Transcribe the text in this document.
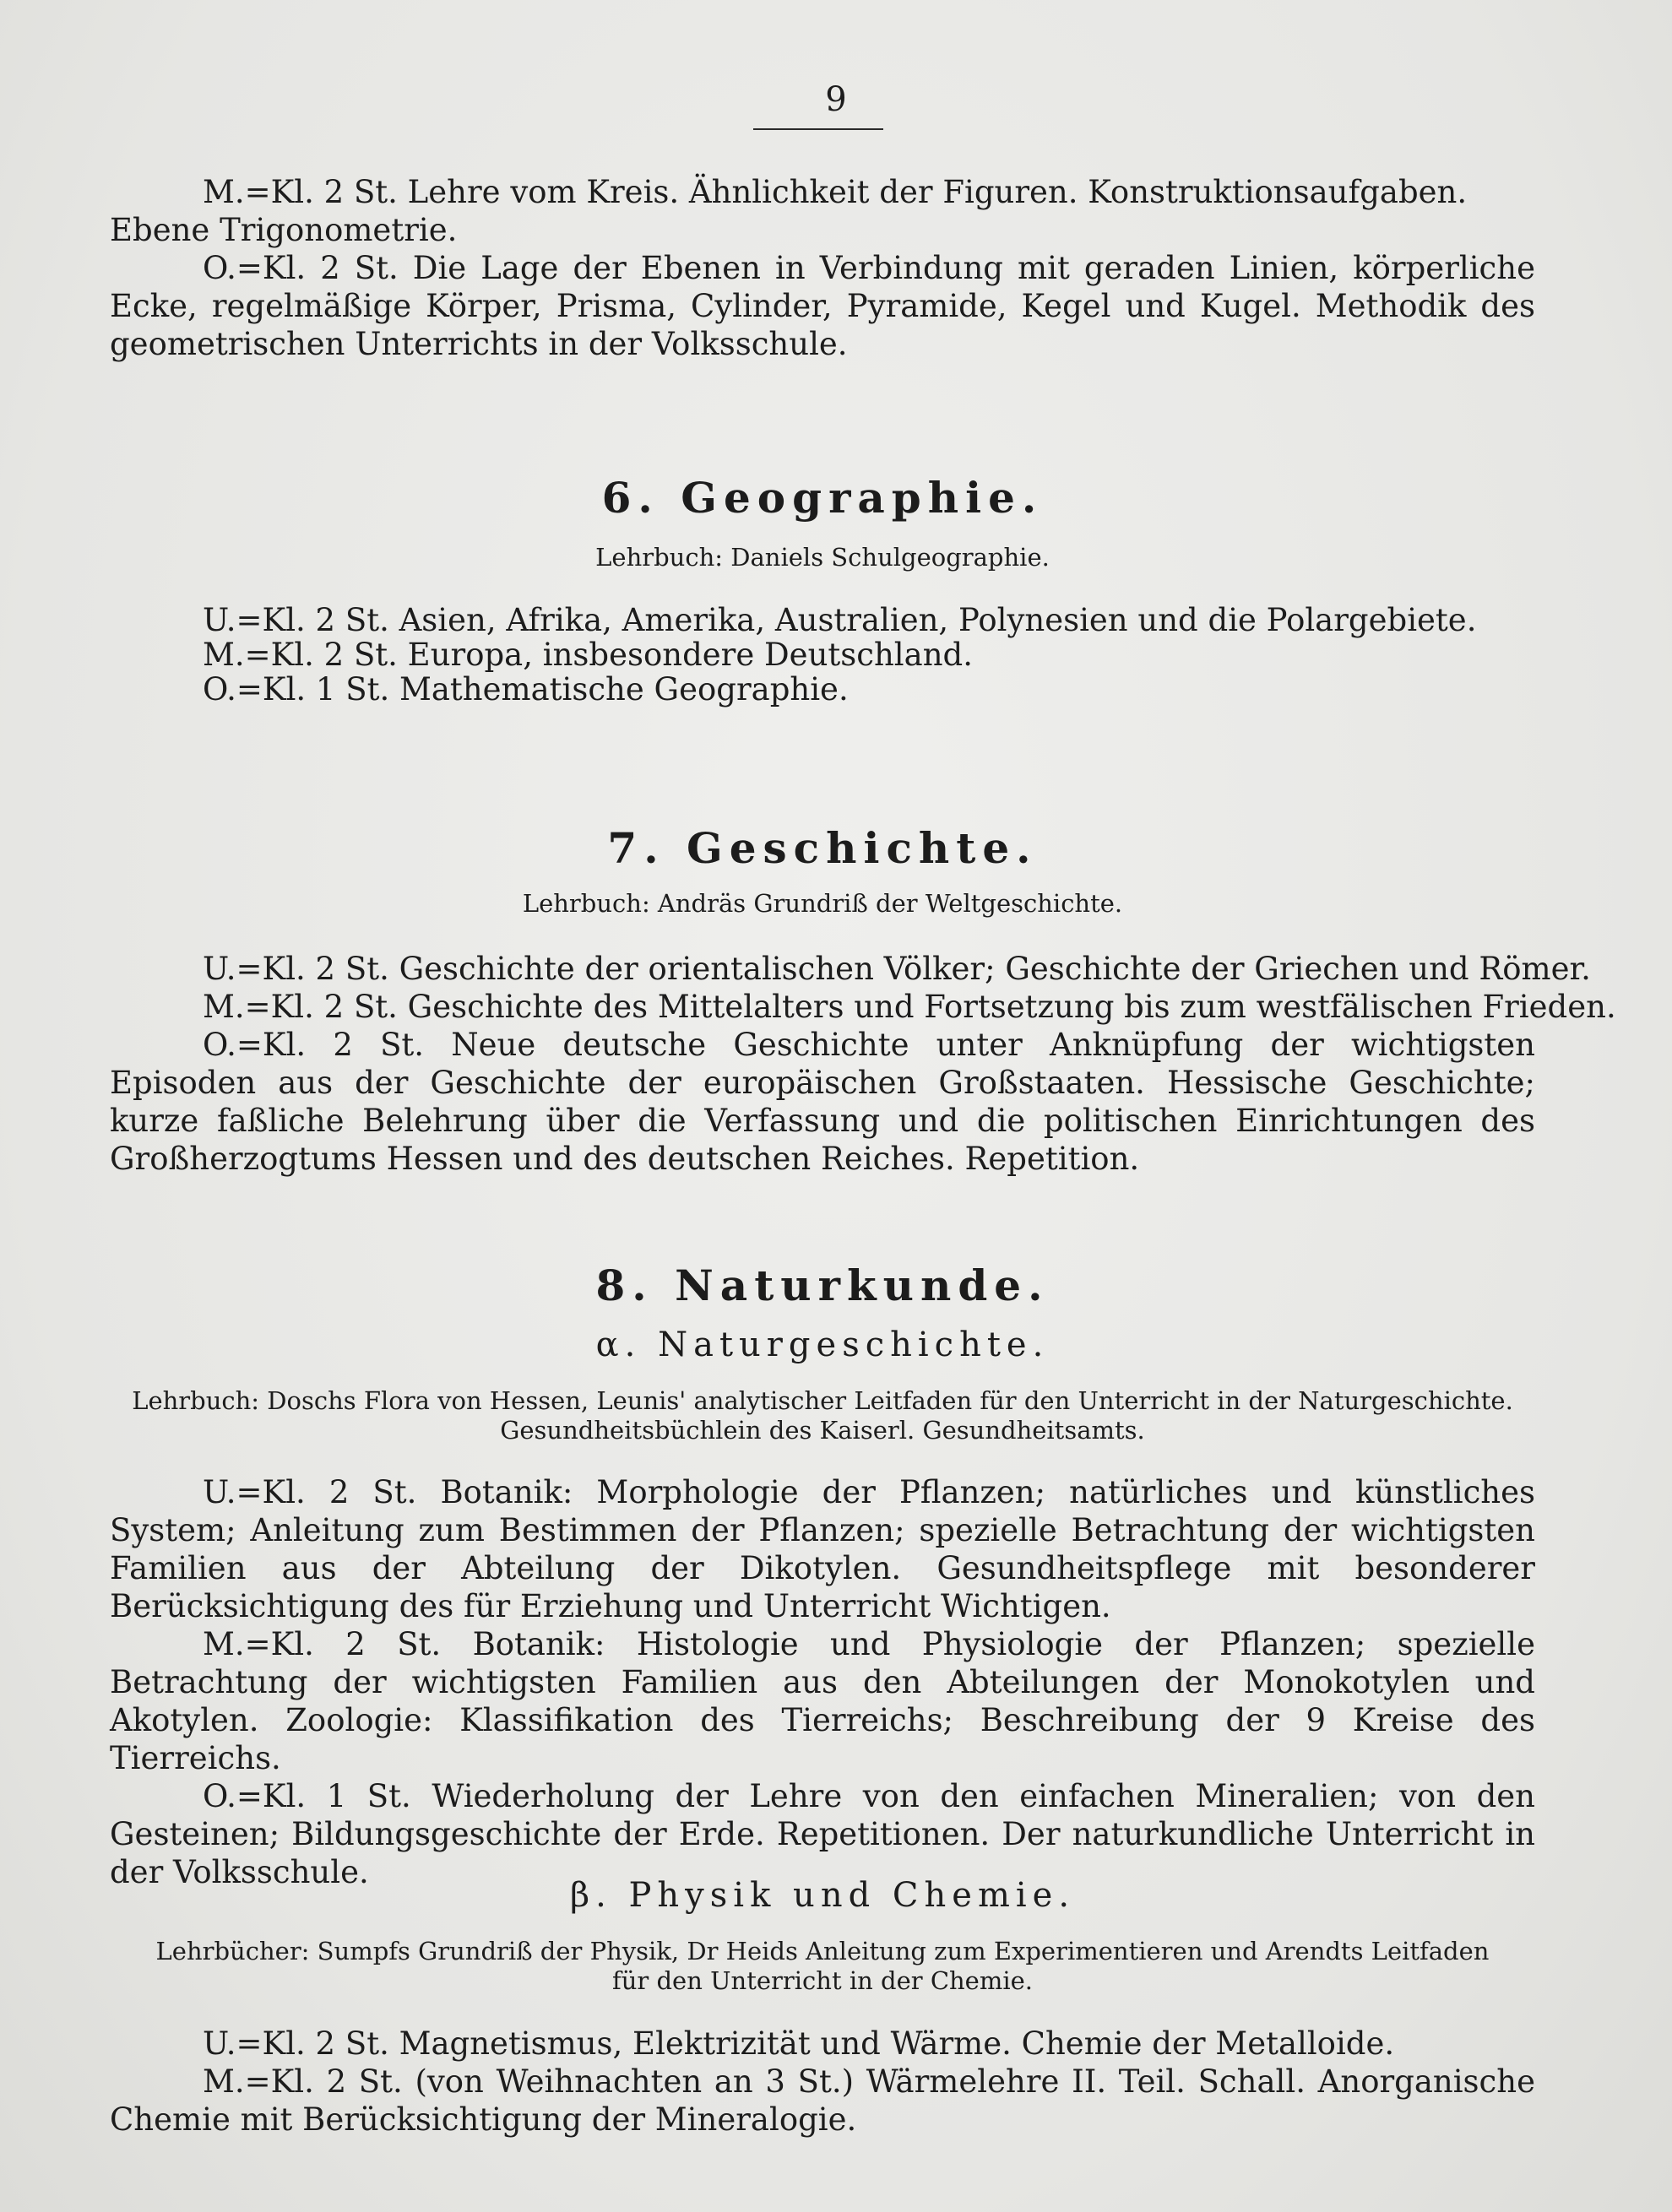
9

M.=Kl. 2 St. Lehre vom Kreis. Ähnlichkeit der Figuren. Konstruktionsaufgaben.

Ebene Trigonometrie.

O.=Kl. 2 St. Die Lage der Ebenen in Verbindung mit geraden Linien, körperliche Ecke, regelmäßige Körper, Prisma, Cylinder, Pyramide, Kegel und Kugel. Methodik des geometrischen Unterrichts in der Volksschule.

6. Geographie.

Lehrbuch: Daniels Schulgeographie.

U.=Kl. 2 St. Asien, Afrika, Amerika, Australien, Polynesien und die Polargebiete.

M.=Kl. 2 St. Europa, insbesondere Deutschland.

O.=Kl. 1 St. Mathematische Geographie.

7. Geschichte.

Lehrbuch: Andräs Grundriß der Weltgeschichte.

U.=Kl. 2 St. Geschichte der orientalischen Völker; Geschichte der Griechen und Römer.

M.=Kl. 2 St. Geschichte des Mittelalters und Fortsetzung bis zum westfälischen Frieden.

O.=Kl. 2 St. Neue deutsche Geschichte unter Anknüpfung der wichtigsten Episoden aus der Geschichte der europäischen Großstaaten. Hessische Geschichte; kurze faßliche Belehrung über die Verfassung und die politischen Einrichtungen des Großherzogtums Hessen und des deutschen Reiches. Repetition.

8. Naturkunde.

α. Naturgeschichte.

Lehrbuch: Doschs Flora von Hessen, Leunis' analytischer Leitfaden für den Unterricht in der Naturgeschichte.

Gesundheitsbüchlein des Kaiserl. Gesundheitsamts.

U.=Kl. 2 St. Botanik: Morphologie der Pflanzen; natürliches und künstliches System; Anleitung zum Bestimmen der Pflanzen; spezielle Betrachtung der wichtigsten Familien aus der Abteilung der Dikotylen. Gesundheitspflege mit besonderer Berücksichtigung des für Erziehung und Unterricht Wichtigen.

M.=Kl. 2 St. Botanik: Histologie und Physiologie der Pflanzen; spezielle Betrachtung der wichtigsten Familien aus den Abteilungen der Monokotylen und Akotylen. Zoologie: Klassifikation des Tierreichs; Beschreibung der 9 Kreise des Tierreichs.

O.=Kl. 1 St. Wiederholung der Lehre von den einfachen Mineralien; von den Gesteinen; Bildungsgeschichte der Erde. Repetitionen. Der naturkundliche Unterricht in der Volksschule.

β. Physik und Chemie.

Lehrbücher: Sumpfs Grundriß der Physik, Dr Heids Anleitung zum Experimentieren und Arendts Leitfaden

für den Unterricht in der Chemie.

U.=Kl. 2 St. Magnetismus, Elektrizität und Wärme. Chemie der Metalloide.

M.=Kl. 2 St. (von Weihnachten an 3 St.) Wärmelehre II. Teil. Schall. Anorganische Chemie mit Berücksichtigung der Mineralogie.
